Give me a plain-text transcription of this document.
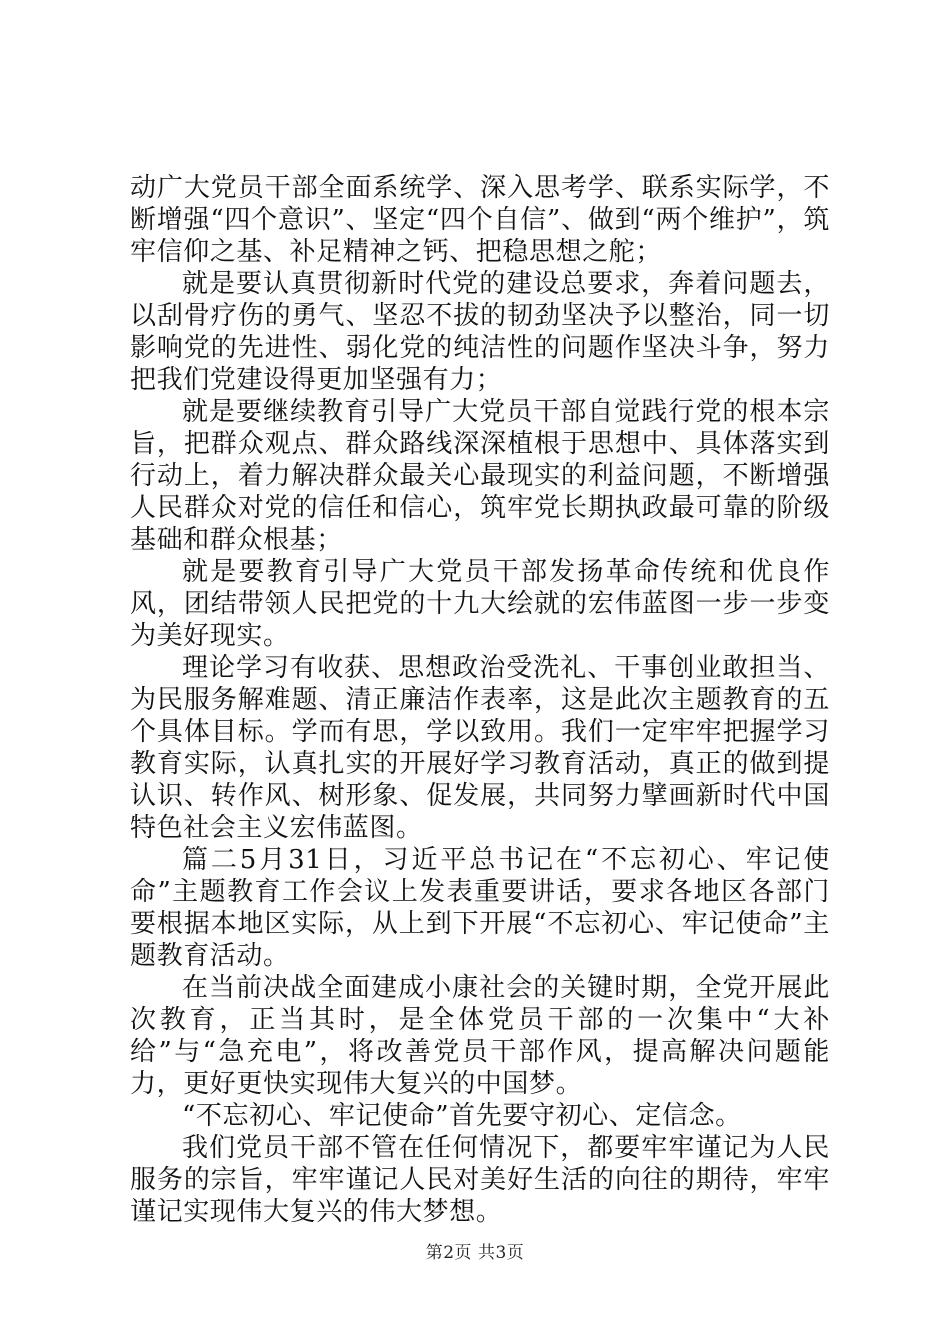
动广大党员干部全面系统学、深入思考学、联系实际学，不断增强“四个意识”、坚定“四个自信”、做到“两个维护”，筑牢信仰之基、补足精神之钙、把稳思想之舵；

就是要认真贯彻新时代党的建设总要求，奔着问题去，以刮骨疗伤的勇气、坚忍不拔的韧劲坚决予以整治，同一切影响党的先进性、弱化党的纯洁性的问题作坚决斗争，努力把我们党建设得更加坚强有力；

就是要继续教育引导广大党员干部自觉践行党的根本宗旨，把群众观点、群众路线深深植根于思想中、具体落实到行动上，着力解决群众最关心最现实的利益问题，不断增强人民群众对党的信任和信心，筑牢党长期执政最可靠的阶级基础和群众根基；

就是要教育引导广大党员干部发扬革命传统和优良作风，团结带领人民把党的十九大绘就的宏伟蓝图一步一步变为美好现实。

理论学习有收获、思想政治受洗礼、干事创业敢担当、为民服务解难题、清正廉洁作表率，这是此次主题教育的五个具体目标。学而有思，学以致用。我们一定牢牢把握学习教育实际，认真扎实的开展好学习教育活动，真正的做到提认识、转作风、树形象、促发展，共同努力擘画新时代中国特色社会主义宏伟蓝图。

篇二5月31日，习近平总书记在“不忘初心、牢记使命”主题教育工作会议上发表重要讲话，要求各地区各部门要根据本地区实际，从上到下开展“不忘初心、牢记使命”主题教育活动。

在当前决战全面建成小康社会的关键时期，全党开展此次教育，正当其时，是全体党员干部的一次集中“大补给”与“急充电”，将改善党员干部作风，提高解决问题能力，更好更快实现伟大复兴的中国梦。

“不忘初心、牢记使命”首先要守初心、定信念。

我们党员干部不管在任何情况下，都要牢牢谨记为人民服务的宗旨，牢牢谨记人民对美好生活的向往的期待，牢牢谨记实现伟大复兴的伟大梦想。

第2页 共3页
